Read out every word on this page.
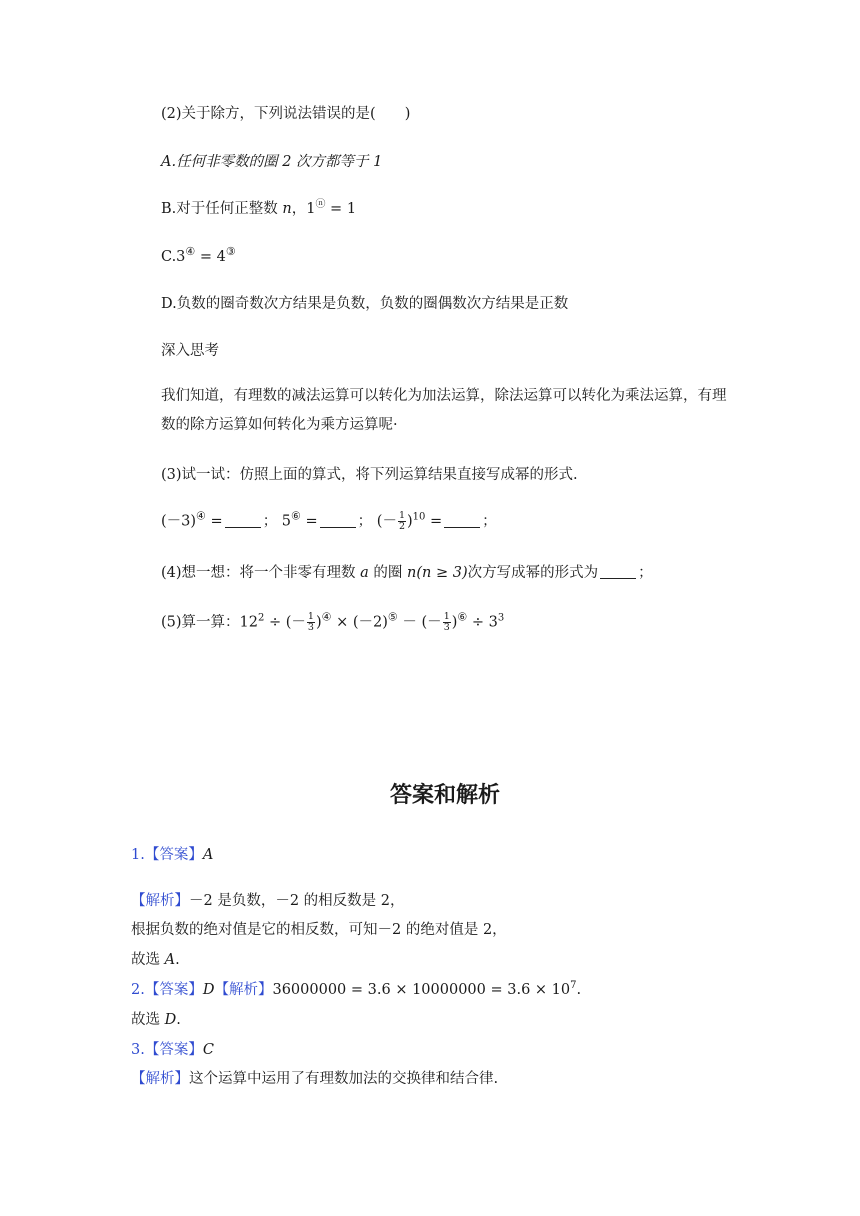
(2)关于除方，下列说法错误的是(　　)
A.任何非零数的圈 2 次方都等于 1
B.对于任何正整数 n，1ⓝ = 1
C.3④ = 4③
D.负数的圈奇数次方结果是负数，负数的圈偶数次方结果是正数
深入思考
我们知道，有理数的减法运算可以转化为加法运算，除法运算可以转化为乘法运算，有理数的除方运算如何转化为乘方运算呢·
(3)试一试：仿照上面的算式，将下列运算结果直接写成幂的形式.
(－3)④ =	； 5⑥ =	； (－ $\frac{1}{2} )^{10}$ =	；
(4)想一想：将一个非零有理数 a 的圈 n(n ≥ 3)次方写成幂的形式为	；
(5)算一算：$12^2$ ÷ (－ $\frac{1}{3} )^④ \times (-2)^⑤$ － (－ $\frac{1}{3} )^⑥ \div 3^3$
答案和解析
1.【答案】A
【解析】－2 是负数，－2 的相反数是 2，
根据负数的绝对值是它的相反数，可知－2 的绝对值是 2，
故选 A.
2.【答案】D【解析】$36000000 = 3.6 \times 10000000 = 3.6 \times 10^7$.
故选 D.
3.【答案】C
【解析】这个运算中运用了有理数加法的交换律和结合律.
